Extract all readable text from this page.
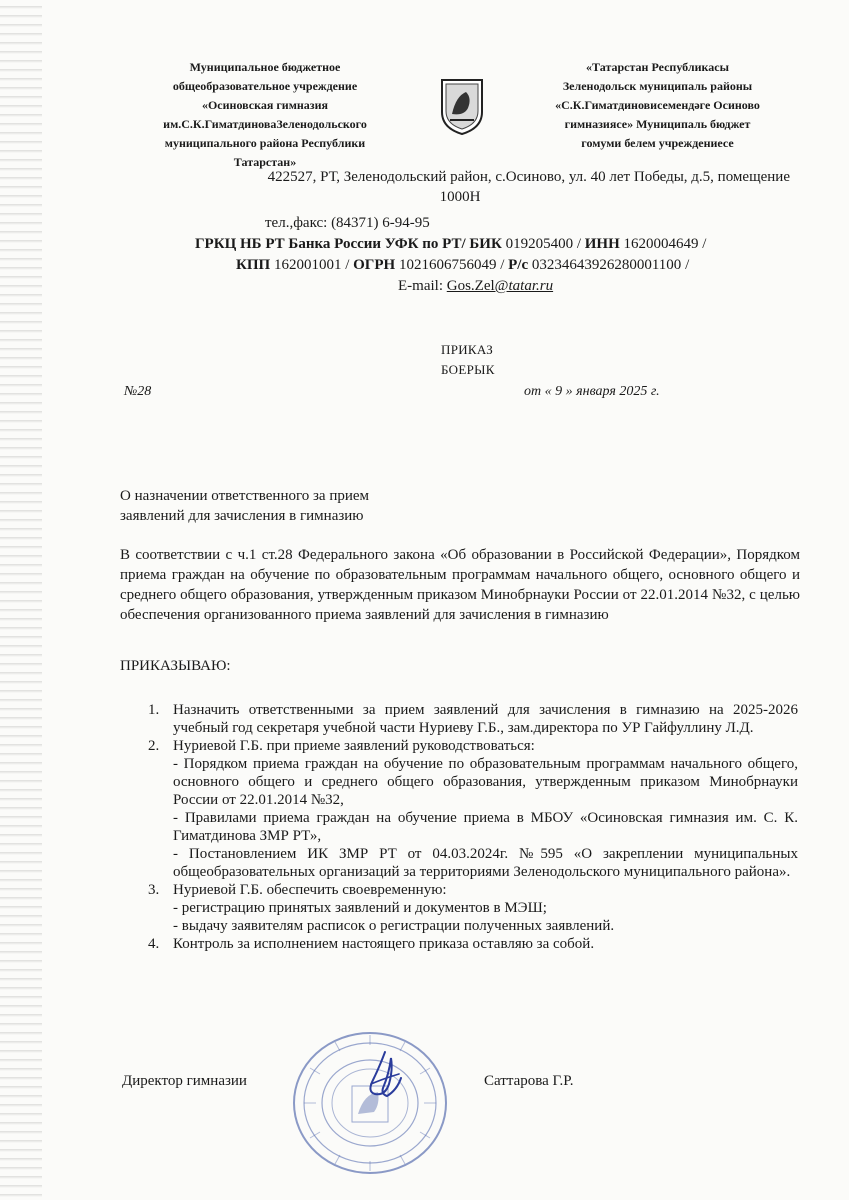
Муниципальное бюджетное
общеобразовательное учреждение
«Осиновская гимназия
им.С.К.ГиматдиноваЗеленодольского
муниципального района Республики
Татарстан»
«Татарстан Республикасы
Зеленодольск муниципаль районы
«С.К.Гиматдиновисемендәге Осиново
гимназиясе» Муниципаль бюджет
гомуми белем учреждениесе
422527, РТ, Зеленодольский район, с.Осиново, ул. 40 лет Победы, д.5, помещение
1000Н
тел.,факс: (84371) 6-94-95
ГРКЦ НБ РТ Банка России УФК по РТ/ БИК 019205400 / ИНН 1620004649 /
КПП 162001001 / ОГРН 1021606756049 / Р/с 03234643926280001100 /
E-mail: Gos.Zel@tatar.ru
ПРИКАЗ
БОЕРЫК
№28	от « 9 » января 2025 г.
О назначении ответственного за прием
заявлений для зачисления в гимназию
В соответствии с ч.1 ст.28 Федерального закона «Об образовании в Российской Федерации», Порядком приема граждан на обучение по образовательным программам начального общего, основного общего и среднего общего образования, утвержденным приказом Минобрнауки России от 22.01.2014 №32, с целью обеспечения организованного приема заявлений для зачисления в гимназию
ПРИКАЗЫВАЮ:
1. Назначить ответственными за прием заявлений для зачисления в гимназию на 2025-2026 учебный год секретаря учебной части Нуриеву Г.Б., зам.директора по УР Гайфуллину Л.Д.
2. Нуриевой Г.Б. при приеме заявлений руководствоваться:
- Порядком приема граждан на обучение по образовательным программам начального общего, основного общего и среднего общего образования, утвержденным приказом Минобрнауки России от 22.01.2014 №32,
- Правилами приема граждан на обучение приема в МБОУ «Осиновская гимназия им. С. К. Гиматдинова ЗМР РТ»,
- Постановлением ИК ЗМР РТ от 04.03.2024г. №595 «О закреплении муниципальных общеобразовательных организаций за территориями Зеленодольского муниципального района».
3. Нуриевой Г.Б. обеспечить своевременную:
- регистрацию принятых заявлений и документов в МЭШ;
- выдачу заявителям расписок о регистрации полученных заявлений.
4. Контроль за исполнением настоящего приказа оставляю за собой.
Директор гимназии	Саттарова Г.Р.
